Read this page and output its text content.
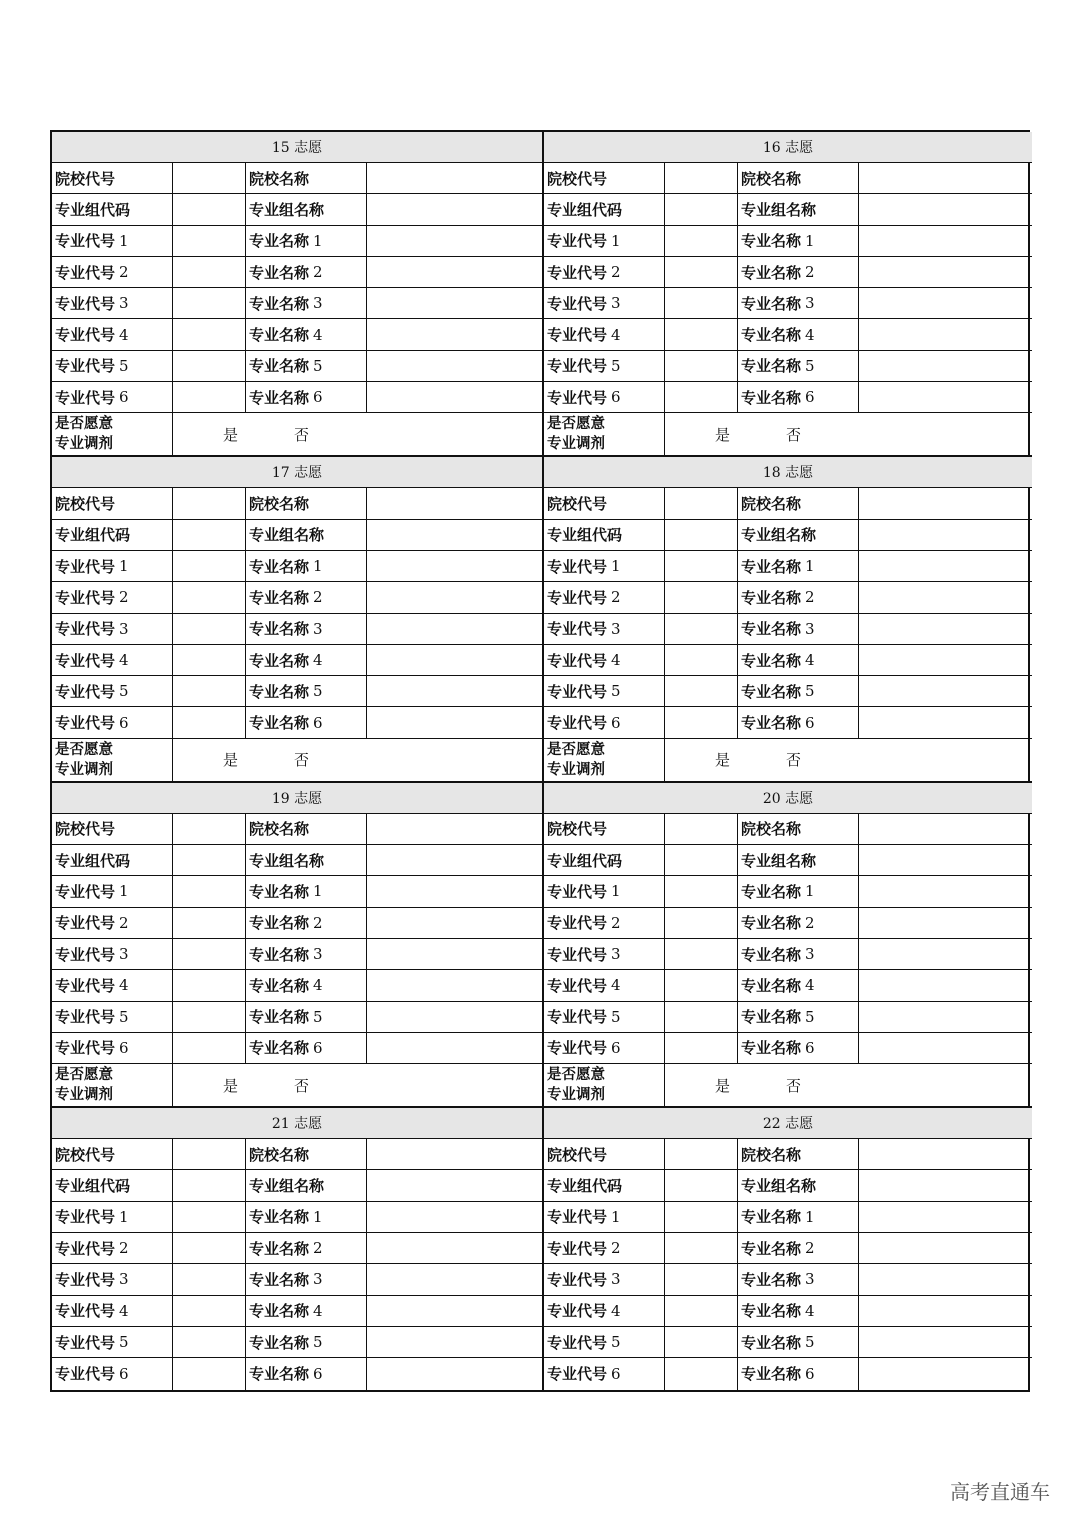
15 志愿
院校代号	院校名称
专业组代码	专业组名称
专业代号 1	专业名称 1
专业代号 2	专业名称 2
专业代号 3	专业名称 3
专业代号 4	专业名称 4
专业代号 5	专业名称 5
专业代号 6	专业名称 6
是否愿意
专业调剂	是	否
16 志愿
院校代号	院校名称
专业组代码	专业组名称
专业代号 1	专业名称 1
专业代号 2	专业名称 2
专业代号 3	专业名称 3
专业代号 4	专业名称 4
专业代号 5	专业名称 5
专业代号 6	专业名称 6
是否愿意
专业调剂	是	否
17 志愿
院校代号	院校名称
专业组代码	专业组名称
专业代号 1	专业名称 1
专业代号 2	专业名称 2
专业代号 3	专业名称 3
专业代号 4	专业名称 4
专业代号 5	专业名称 5
专业代号 6	专业名称 6
是否愿意
专业调剂	是	否
18 志愿
院校代号	院校名称
专业组代码	专业组名称
专业代号 1	专业名称 1
专业代号 2	专业名称 2
专业代号 3	专业名称 3
专业代号 4	专业名称 4
专业代号 5	专业名称 5
专业代号 6	专业名称 6
是否愿意
专业调剂	是	否
19 志愿
院校代号	院校名称
专业组代码	专业组名称
专业代号 1	专业名称 1
专业代号 2	专业名称 2
专业代号 3	专业名称 3
专业代号 4	专业名称 4
专业代号 5	专业名称 5
专业代号 6	专业名称 6
是否愿意
专业调剂	是	否
20 志愿
院校代号	院校名称
专业组代码	专业组名称
专业代号 1	专业名称 1
专业代号 2	专业名称 2
专业代号 3	专业名称 3
专业代号 4	专业名称 4
专业代号 5	专业名称 5
专业代号 6	专业名称 6
是否愿意
专业调剂	是	否
21 志愿
院校代号	院校名称
专业组代码	专业组名称
专业代号 1	专业名称 1
专业代号 2	专业名称 2
专业代号 3	专业名称 3
专业代号 4	专业名称 4
专业代号 5	专业名称 5
专业代号 6	专业名称 6
22 志愿
院校代号	院校名称
专业组代码	专业组名称
专业代号 1	专业名称 1
专业代号 2	专业名称 2
专业代号 3	专业名称 3
专业代号 4	专业名称 4
专业代号 5	专业名称 5
专业代号 6	专业名称 6
高考直通车
